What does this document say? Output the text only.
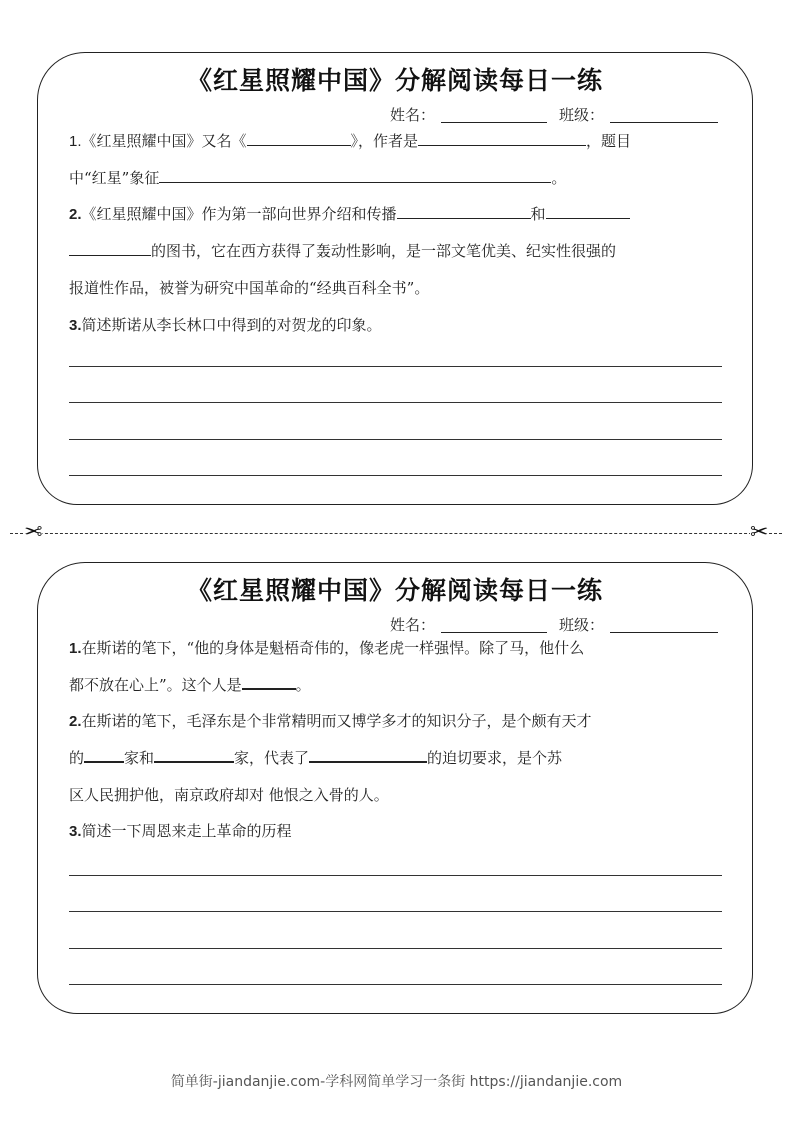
《红星照耀中国》分解阅读每日一练
姓名：	班级：
1.《红星照耀中国》又名《	》，作者是	，题目
中“红星”象征	。
2.《红星照耀中国》作为第一部向世界介绍和传播	和
的图书，它在西方获得了轰动性影响，是一部文笔优美、纪实性很强的
报道性作品，被誉为研究中国革命的“经典百科全书”。
3.简述斯诺从李长林口中得到的对贺龙的印象。
✂	✂
《红星照耀中国》分解阅读每日一练
姓名：	班级：
1.在斯诺的笔下，“他的身体是魁梧奇伟的，像老虎一样强悍。除了马，他什么
都不放在心上”。这个人是	。
2.在斯诺的笔下，毛泽东是个非常精明而又博学多才的知识分子，是个颇有天才
的	家和	家，代表了	的迫切要求，是个苏
区人民拥护他，南京政府却对 他恨之入骨的人。
3.简述一下周恩来走上革命的历程
简单街-jiandanjie.com-学科网简单学习一条街 https://jiandanjie.com
